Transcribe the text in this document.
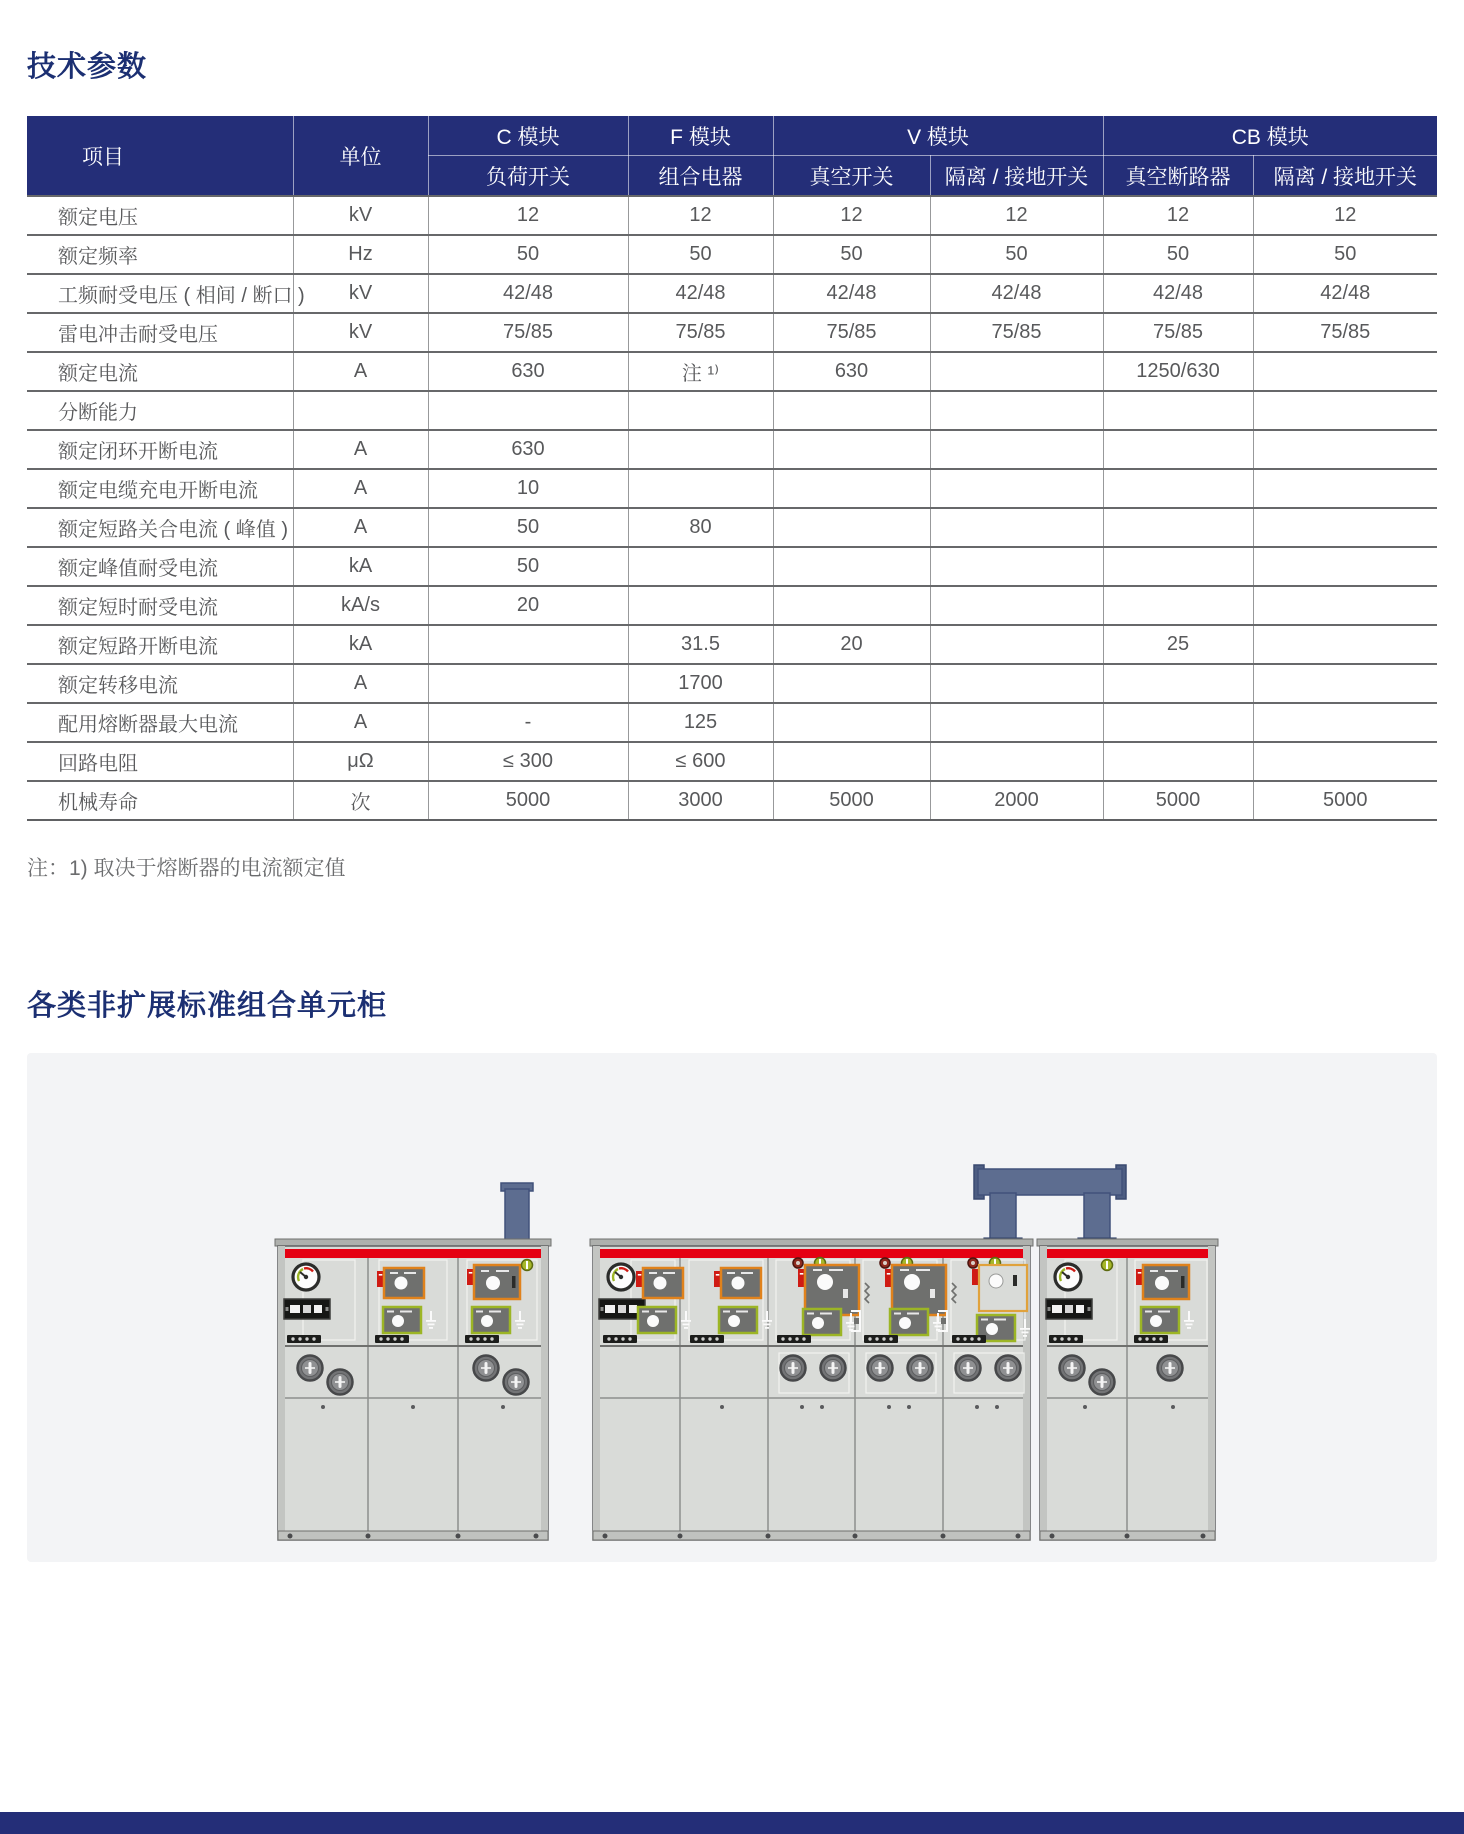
技术参数
项目	单位	C 模块	F 模块	V 模块		CB 模块	
		负荷开关	组合电器	真空开关	隔离 / 接地开关	真空断路器	隔离 / 接地开关
额定电压	kV	12	12	12	12	12	12
额定频率	Hz	50	50	50	50	50	50
工频耐受电压 ( 相间 / 断口 )	kV	42/48	42/48	42/48	42/48	42/48	42/48
雷电冲击耐受电压	kV	75/85	75/85	75/85	75/85	75/85	75/85
额定电流	A	630	注 ¹⁾	630		1250/630	
分断能力							
额定闭环开断电流	A	630					
额定电缆充电开断电流	A	10					
额定短路关合电流 ( 峰值 )	A	50	80				
额定峰值耐受电流	kA	50					
额定短时耐受电流	kA/s	20					
额定短路开断电流	kA		31.5	20		25	
额定转移电流	A		1700				
配用熔断器最大电流	A	-	125				
回路电阻	μΩ	≤ 300	≤ 600				
机械寿命	次	5000	3000	5000	2000	5000	5000
注：1) 取决于熔断器的电流额定值
各类非扩展标准组合单元柜
